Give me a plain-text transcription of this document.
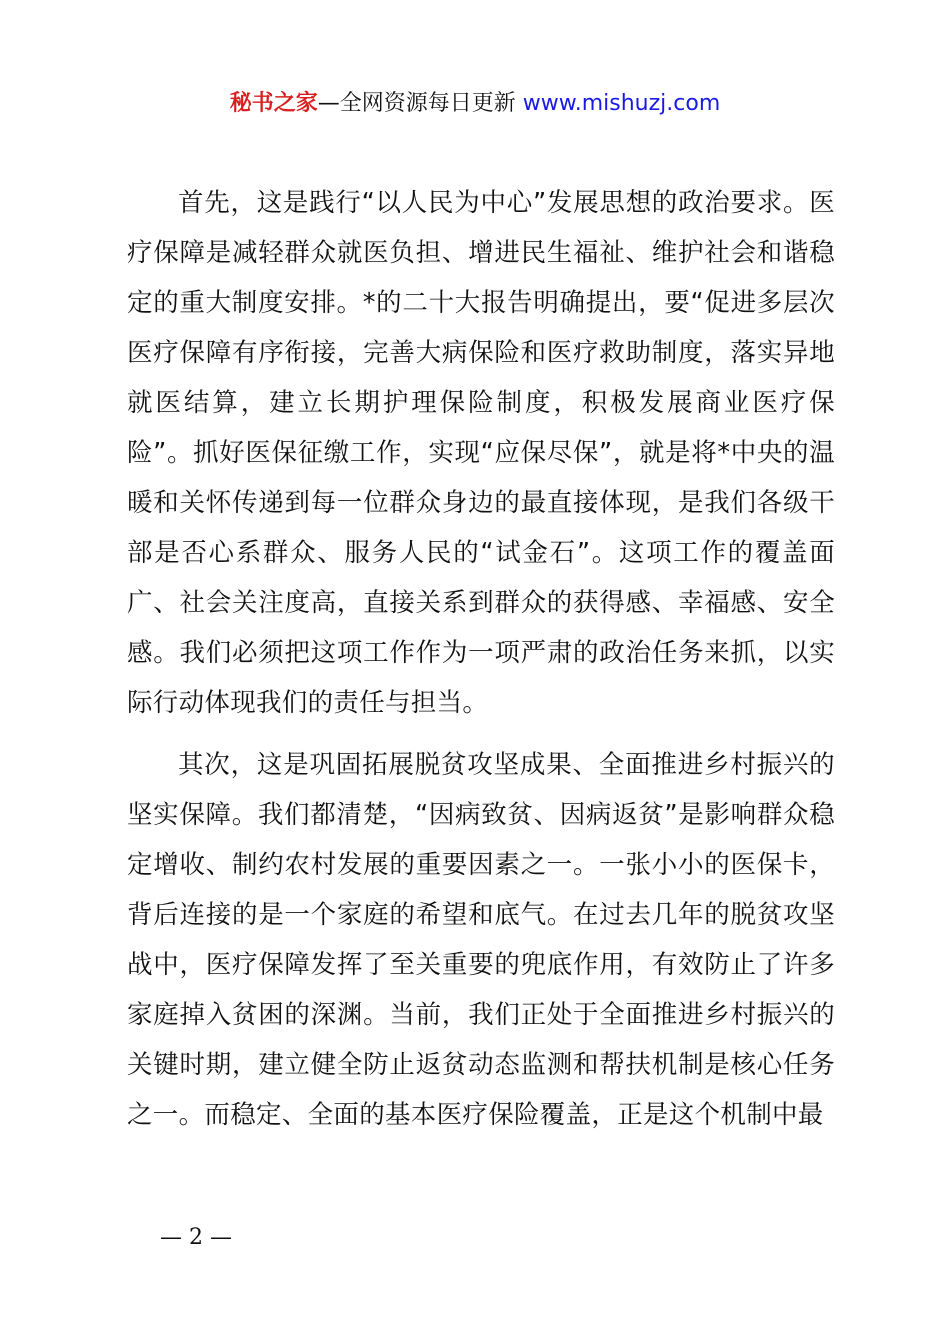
秘书之家—全网资源每日更新 www.mishuzj.com

首先，这是践行“以人民为中心”发展思想的政治要求。医疗保障是减轻群众就医负担、增进民生福祉、维护社会和谐稳定的重大制度安排。*的二十大报告明确提出，要“促进多层次医疗保障有序衔接，完善大病保险和医疗救助制度，落实异地就医结算，建立长期护理保险制度，积极发展商业医疗保险”。抓好医保征缴工作，实现“应保尽保”，就是将*中央的温暖和关怀传递到每一位群众身边的最直接体现，是我们各级干部是否心系群众、服务人民的“试金石”。这项工作的覆盖面广、社会关注度高，直接关系到群众的获得感、幸福感、安全感。我们必须把这项工作作为一项严肃的政治任务来抓，以实际行动体现我们的责任与担当。

其次，这是巩固拓展脱贫攻坚成果、全面推进乡村振兴的坚实保障。我们都清楚，“因病致贫、因病返贫”是影响群众稳定增收、制约农村发展的重要因素之一。一张小小的医保卡，背后连接的是一个家庭的希望和底气。在过去几年的脱贫攻坚战中，医疗保障发挥了至关重要的兜底作用，有效防止了许多家庭掉入贫困的深渊。当前，我们正处于全面推进乡村振兴的关键时期，建立健全防止返贫动态监测和帮扶机制是核心任务之一。而稳定、全面的基本医疗保险覆盖，正是这个机制中最

— 2 —
